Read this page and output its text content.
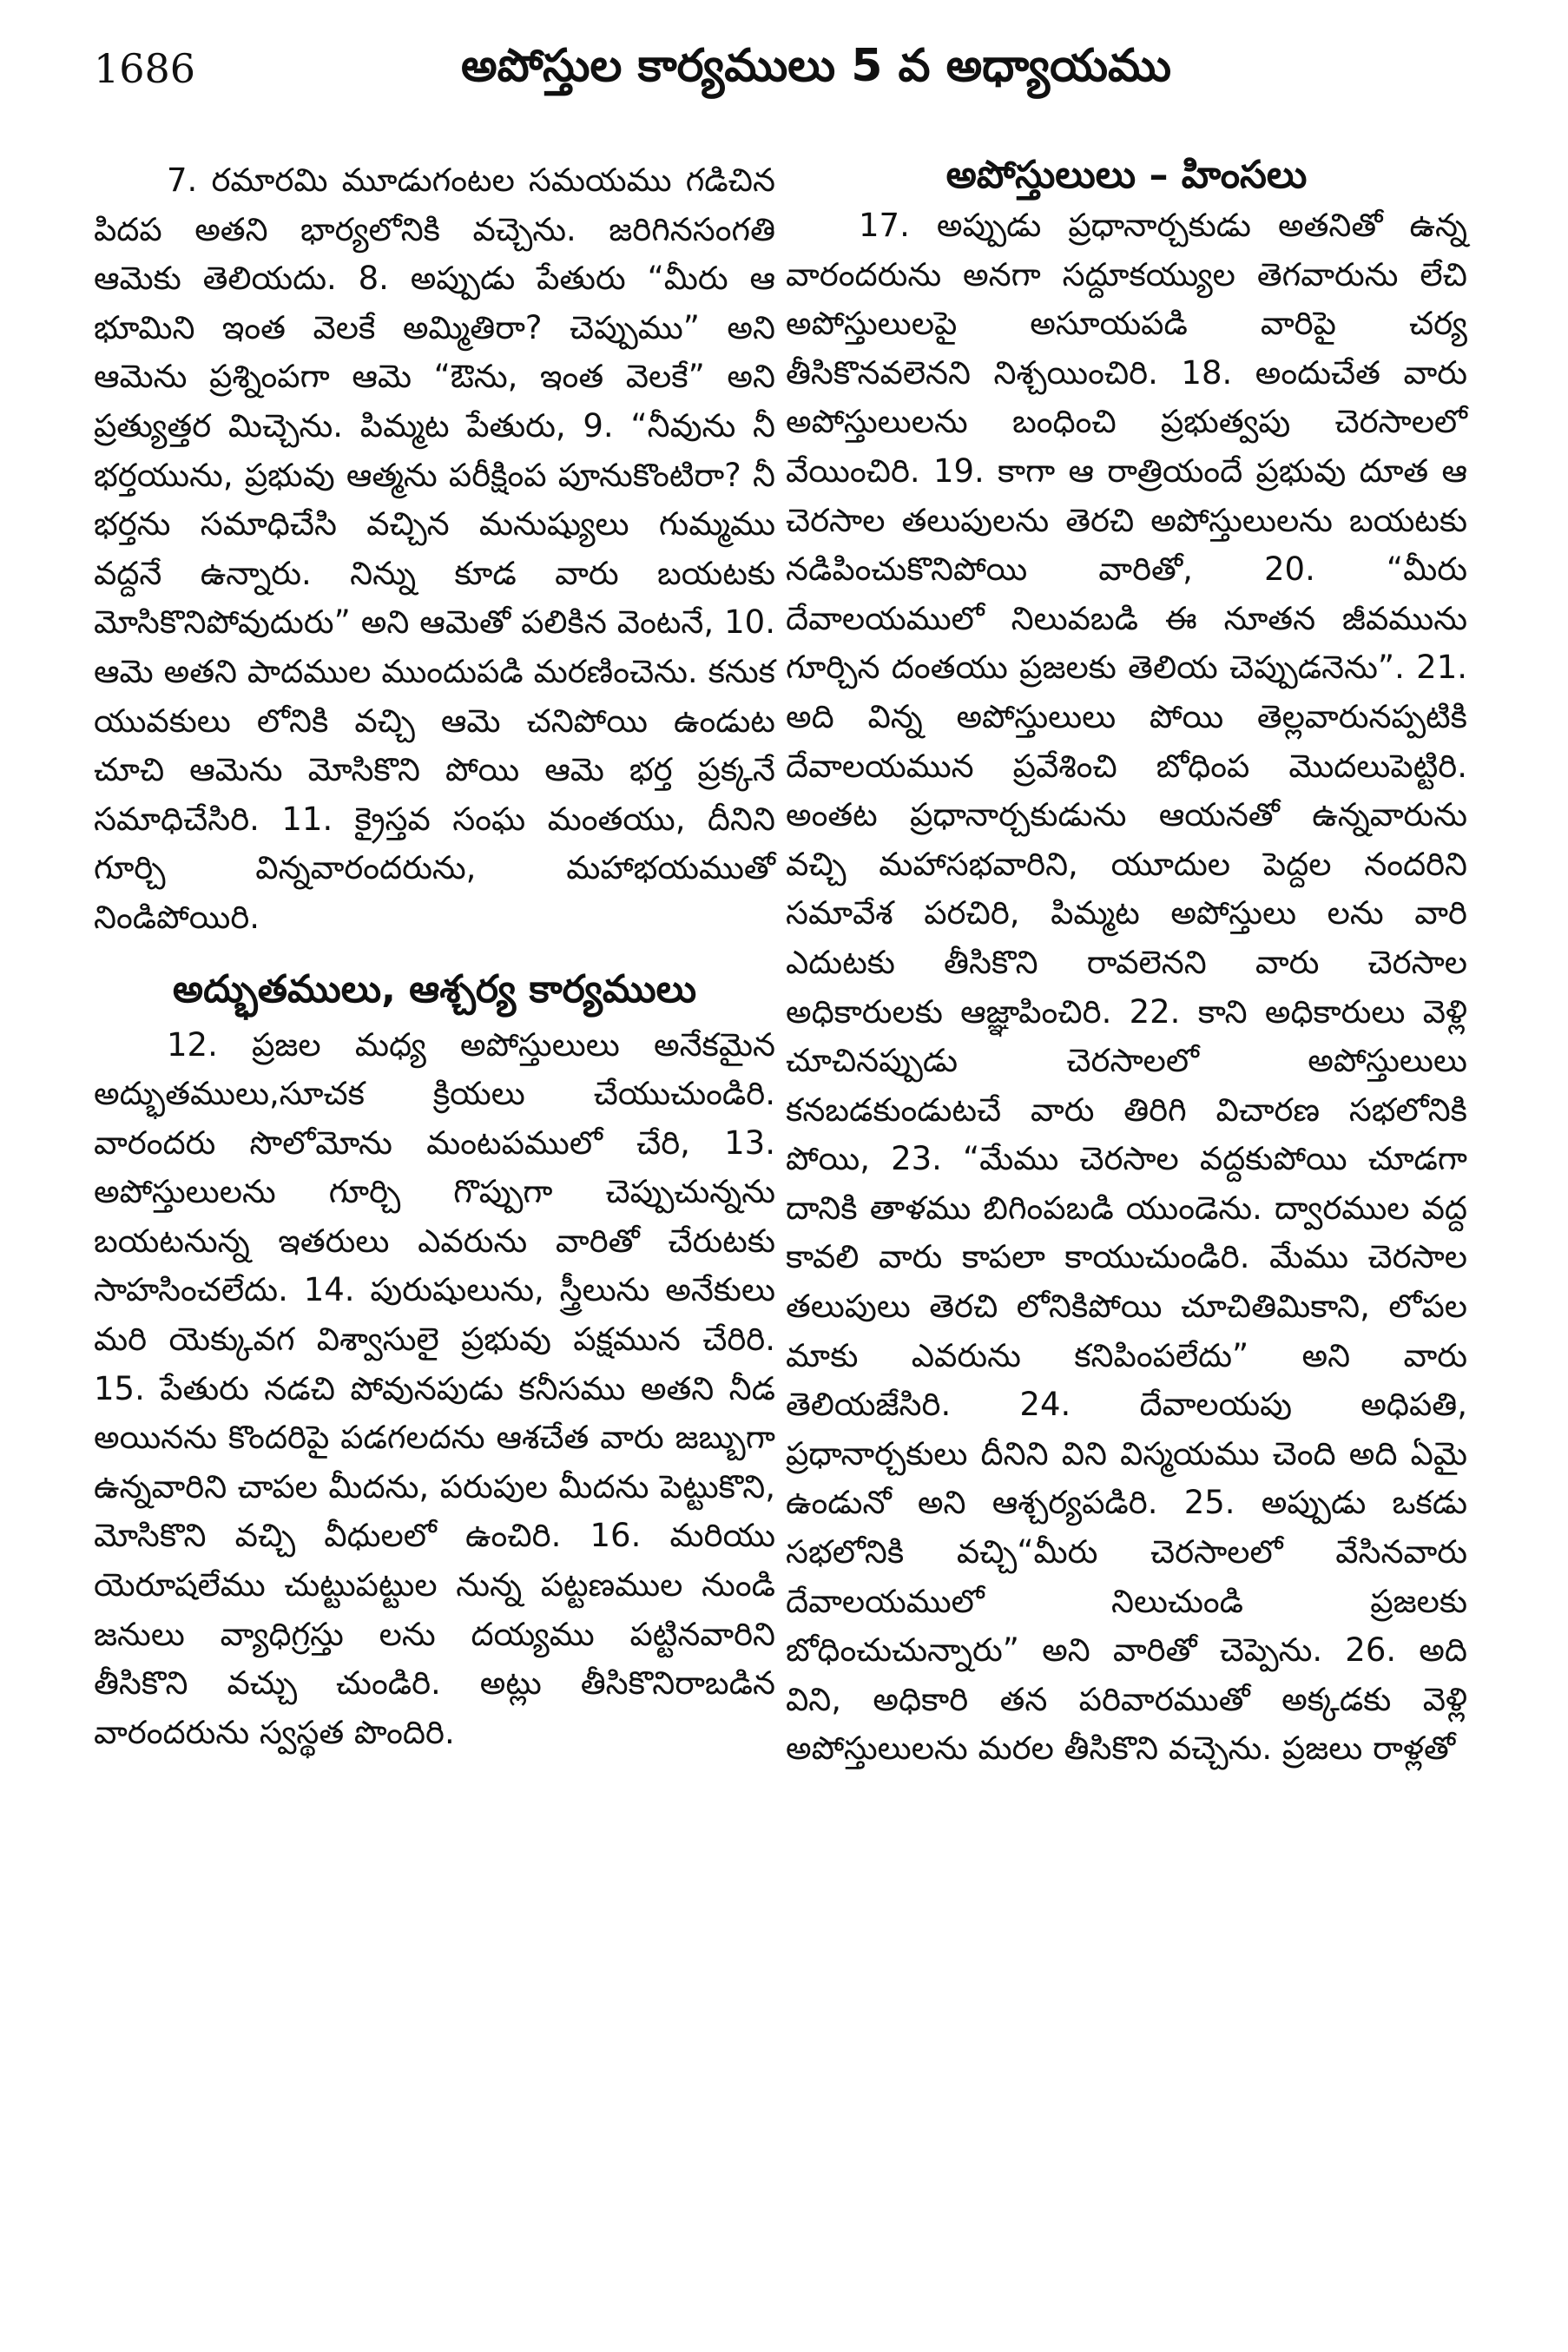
1686	అపోస్తుల కార్యములు 5 వ అధ్యాయము

7. రమారమి మూడుగంటల సమయము గడిచిన పిదప అతని భార్యలోనికి వచ్చెను. జరిగినసంగతి ఆమెకు తెలియదు. 8. అప్పుడు పేతురు “మీరు ఆ భూమిని ఇంత వెలకే అమ్మితిరా? చెప్పుము” అని ఆమెను ప్రశ్నింపగా ఆమె “ఔను, ఇంత వెలకే” అని ప్రత్యుత్తర మిచ్చెను. పిమ్మట పేతురు, 9. “నీవును నీ భర్తయును, ప్రభువు ఆత్మను పరీక్షింప పూనుకొంటిరా? నీ భర్తను సమాధిచేసి వచ్చిన మనుష్యులు గుమ్మము వద్దనే ఉన్నారు. నిన్ను కూడ వారు బయటకు మోసికొనిపోవుదురు” అని ఆమెతో పలికిన వెంటనే, 10. ఆమె అతని పాదముల ముందుపడి మరణించెను. కనుక యువకులు లోనికి వచ్చి ఆమె చనిపోయి ఉండుట చూచి ఆమెను మోసికొని పోయి ఆమె భర్త ప్రక్కనే సమాధిచేసిరి. 11. క్రైస్తవ సంఘ మంతయు, దీనిని గూర్చి విన్నవారందరును, మహాభయముతో నిండిపోయిరి.

అద్భుతములు, ఆశ్చర్య కార్యములు

12. ప్రజల మధ్య అపోస్తులులు అనేకమైన అద్భుతములు,సూచక క్రియలు చేయుచుండిరి. వారందరు సొలోమోను మంటపములో చేరి, 13. అపోస్తులులను గూర్చి గొప్పుగా చెప్పుచున్నను బయటనున్న ఇతరులు ఎవరును వారితో చేరుటకు సాహసించలేదు. 14. పురుషులును, స్త్రీలును అనేకులు మరి యెక్కువగ విశ్వాసులై ప్రభువు పక్షమున చేరిరి. 15. పేతురు నడచి పోవునపుడు కనీసము అతని నీడ అయినను కొందరిపై పడగలదను ఆశచేత వారు జబ్బుగా ఉన్నవారిని చాపల మీదను, పరుపుల మీదను పెట్టుకొని, మోసికొని వచ్చి వీధులలో ఉంచిరి. 16. మరియు యెరూషలేము చుట్టుపట్టుల నున్న పట్టణముల నుండి జనులు వ్యాధిగ్రస్తు లను దయ్యము పట్టినవారిని తీసికొని వచ్చు చుండిరి. అట్లు తీసికొనిరాబడిన వారందరును స్వస్థత పొందిరి.

అపోస్తులులు – హింసలు

17. అప్పుడు ప్రధానార్చకుడు అతనితో ఉన్న వారందరును అనగా సద్దూకయ్యుల తెగవారును లేచి అపోస్తులులపై అసూయపడి వారిపై చర్య తీసికొనవలెనని నిశ్చయించిరి. 18. అందుచేత వారు అపోస్తులులను బంధించి ప్రభుత్వపు చెరసాలలో వేయించిరి. 19. కాగా ఆ రాత్రియందే ప్రభువు దూత ఆ చెరసాల తలుపులను తెరచి అపోస్తులులను బయటకు నడిపించుకొనిపోయి వారితో, 20. “మీరు దేవాలయములో నిలువబడి ఈ నూతన జీవమును గూర్చిన దంతయు ప్రజలకు తెలియ చెప్పుడనెను”. 21. అది విన్న అపోస్తులులు పోయి తెల్లవారునప్పటికి దేవాలయమున ప్రవేశించి బోధింప మొదలుపెట్టిరి. అంతట ప్రధానార్చకుడును ఆయనతో ఉన్నవారును వచ్చి మహాసభవారిని, యూదుల పెద్దల నందరిని సమావేశ పరచిరి, పిమ్మట అపోస్తులు లను వారి ఎదుటకు తీసికొని రావలెనని వారు చెరసాల అధికారులకు ఆజ్ఞాపించిరి. 22. కాని అధికారులు వెళ్లి చూచినప్పుడు చెరసాలలో అపోస్తులులు కనబడకుండుటచే వారు తిరిగి విచారణ సభలోనికి పోయి, 23. “మేము చెరసాల వద్దకుపోయి చూడగా దానికి తాళము బిగింపబడి యుండెను. ద్వారముల వద్ద కావలి వారు కాపలా కాయుచుండిరి. మేము చెరసాల తలుపులు తెరచి లోనికిపోయి చూచితిమికాని, లోపల మాకు ఎవరును కనిపింపలేదు” అని వారు తెలియజేసిరి. 24. దేవాలయపు అధిపతి, ప్రధానార్చకులు దీనిని విని విస్మయము చెంది అది ఏమై ఉండునో అని ఆశ్చర్యపడిరి. 25. అప్పుడు ఒకడు సభలోనికి వచ్చి“మీరు చెరసాలలో వేసినవారు దేవాలయములో నిలుచుండి ప్రజలకు బోధించుచున్నారు” అని వారితో చెప్పెను. 26. అది విని, అధికారి తన పరివారముతో అక్కడకు వెళ్లి అపోస్తులులను మరల తీసికొని వచ్చెను. ప్రజలు రాళ్లతో
